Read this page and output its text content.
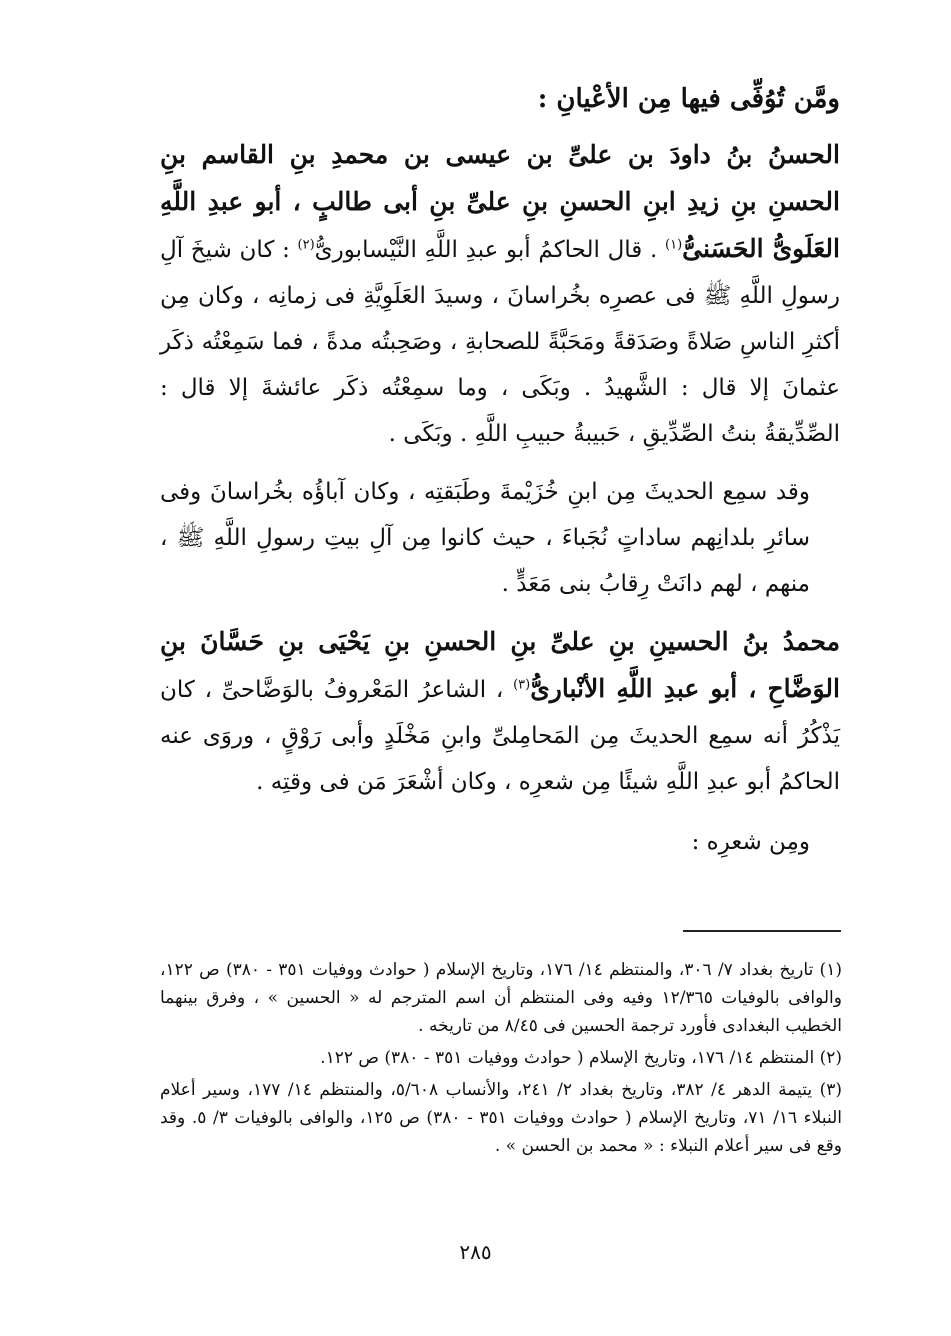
ومَّن تُوُفِّى فيها مِن الأعْيانِ :

الحسنُ بنُ داودَ بن علىِّ بن عيسى بن محمدِ بنِ القاسم بنِ الحسنِ بنِ زيدِ ابنِ الحسنِ بنِ علىِّ بنِ أبى طالبٍ ، أبو عبدِ اللَّهِ العَلَوىُّ الحَسَنىُّ$^{(١)}$ . قال الحاكمُ أبو عبدِ اللَّهِ النَّيْسابورىُّ$^{(٢)}$ : كان شيخَ آلِ رسولِ اللَّهِ ﷺ فى عصرِه بخُراسانَ ، وسيدَ العَلَوِيَّةِ فى زمانِه ، وكان مِن أكثرِ الناسِ صَلاةً وصَدَقةً ومَحَبَّةً للصحابةِ ، وصَحِبتُه مدةً ، فما سَمِعْتُه ذكَر عثمانَ إلا قال : الشَّهيدُ . وبَكَى ، وما سمِعْتُه ذكَر عائشةَ إلا قال : الصِّدِّيقةُ بنتُ الصِّدِّيقِ ، حَبيبةُ حبيبِ اللَّهِ . وبَكَى .

وقد سمِع الحديثَ مِن ابنِ خُزَيْمةَ وطَبَقتِه ، وكان آباؤُه بخُراسانَ وفى سائرِ بلدانِهم ساداتٍ نُجَباءَ ، حيث كانوا مِن آلِ بيتِ رسولِ اللَّهِ ﷺ ، منهم ، لهم دانَتْ رِقابُ بنى مَعَدٍّ .

محمدُ بنُ الحسينِ بنِ علىِّ بنِ الحسنِ بنِ يَحْيَى بنِ حَسَّانَ بنِ الوَضَّاحِ ، أبو عبدِ اللَّهِ الأنْبارىُّ$^{(٣)}$ ، الشاعرُ المَعْروفُ بالوَضَّاحىِّ ، كان يَذْكُرُ أنه سمِع الحديثَ مِن المَحامِلىِّ وابنِ مَخْلَدٍ وأبى رَوْقٍ ، وروَى عنه الحاكمُ أبو عبدِ اللَّهِ شيئًا مِن شعرِه ، وكان أشْعَرَ مَن فى وقتِه .

ومِن شعرِه :

(١) تاريخ بغداد ٧/ ٣٠٦، والمنتظم ١٤/ ١٧٦، وتاريخ الإسلام ( حوادث ووفيات ٣٥١ - ٣٨٠) ص ١٢٢، والوافى بالوفيات ١٢/٣٦٥ وفيه وفى المنتظم أن اسم المترجم له « الحسين » ، وفرق بينهما الخطيب البغدادى فأورد ترجمة الحسين فى ٨/٤٥ من تاريخه .

(٢) المنتظم ١٤/ ١٧٦، وتاريخ الإسلام ( حوادث ووفيات ٣٥١ - ٣٨٠) ص ١٢٢.

(٣) يتيمة الدهر ٤/ ٣٨٢، وتاريخ بغداد ٢/ ٢٤١، والأنساب ٥/٦٠٨، والمنتظم ١٤/ ١٧٧، وسير أعلام النبلاء ١٦/ ٧١، وتاريخ الإسلام ( حوادث ووفيات ٣٥١ - ٣٨٠) ص ١٢٥، والوافى بالوفيات ٣/ ٥. وقد وقع فى سير أعلام النبلاء : « محمد بن الحسن » .

٢٨٥
